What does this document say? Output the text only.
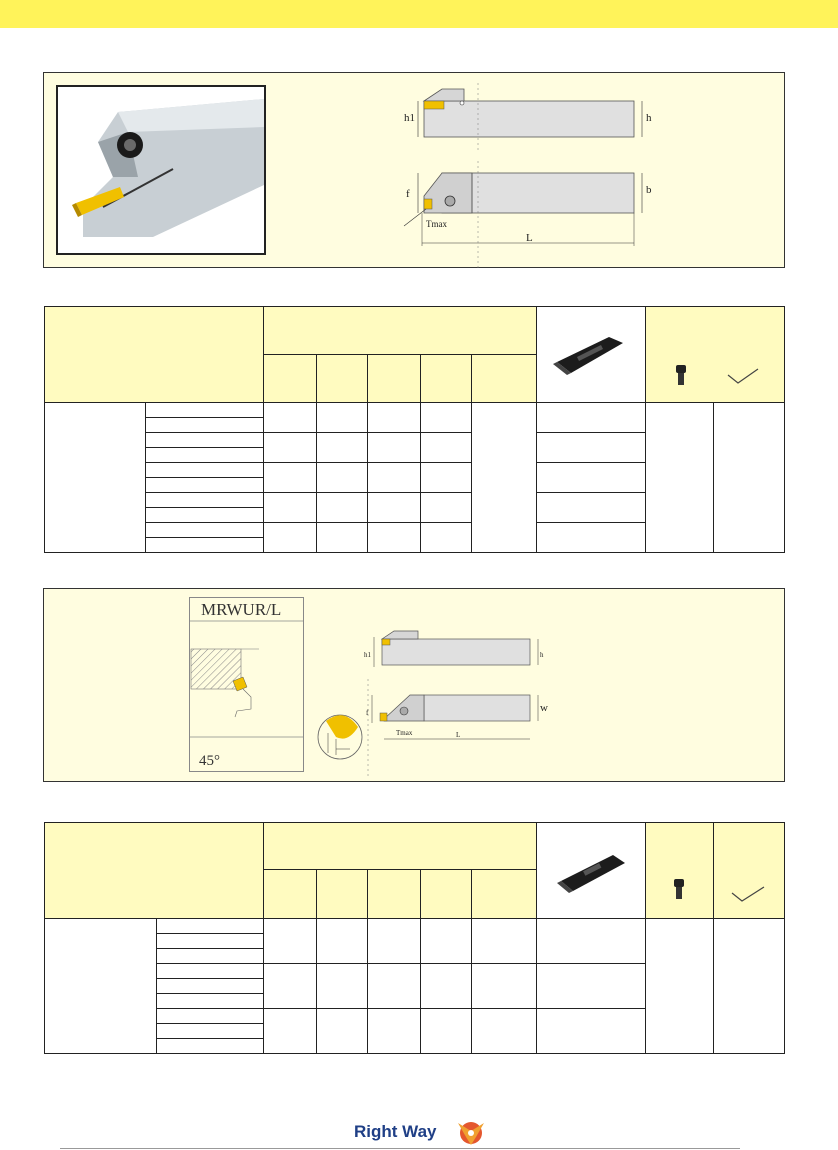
h1	h
f	b
Tmax
L

MRWUR/L
45°
h1	h
f	w
Tmax	L

Right Way
